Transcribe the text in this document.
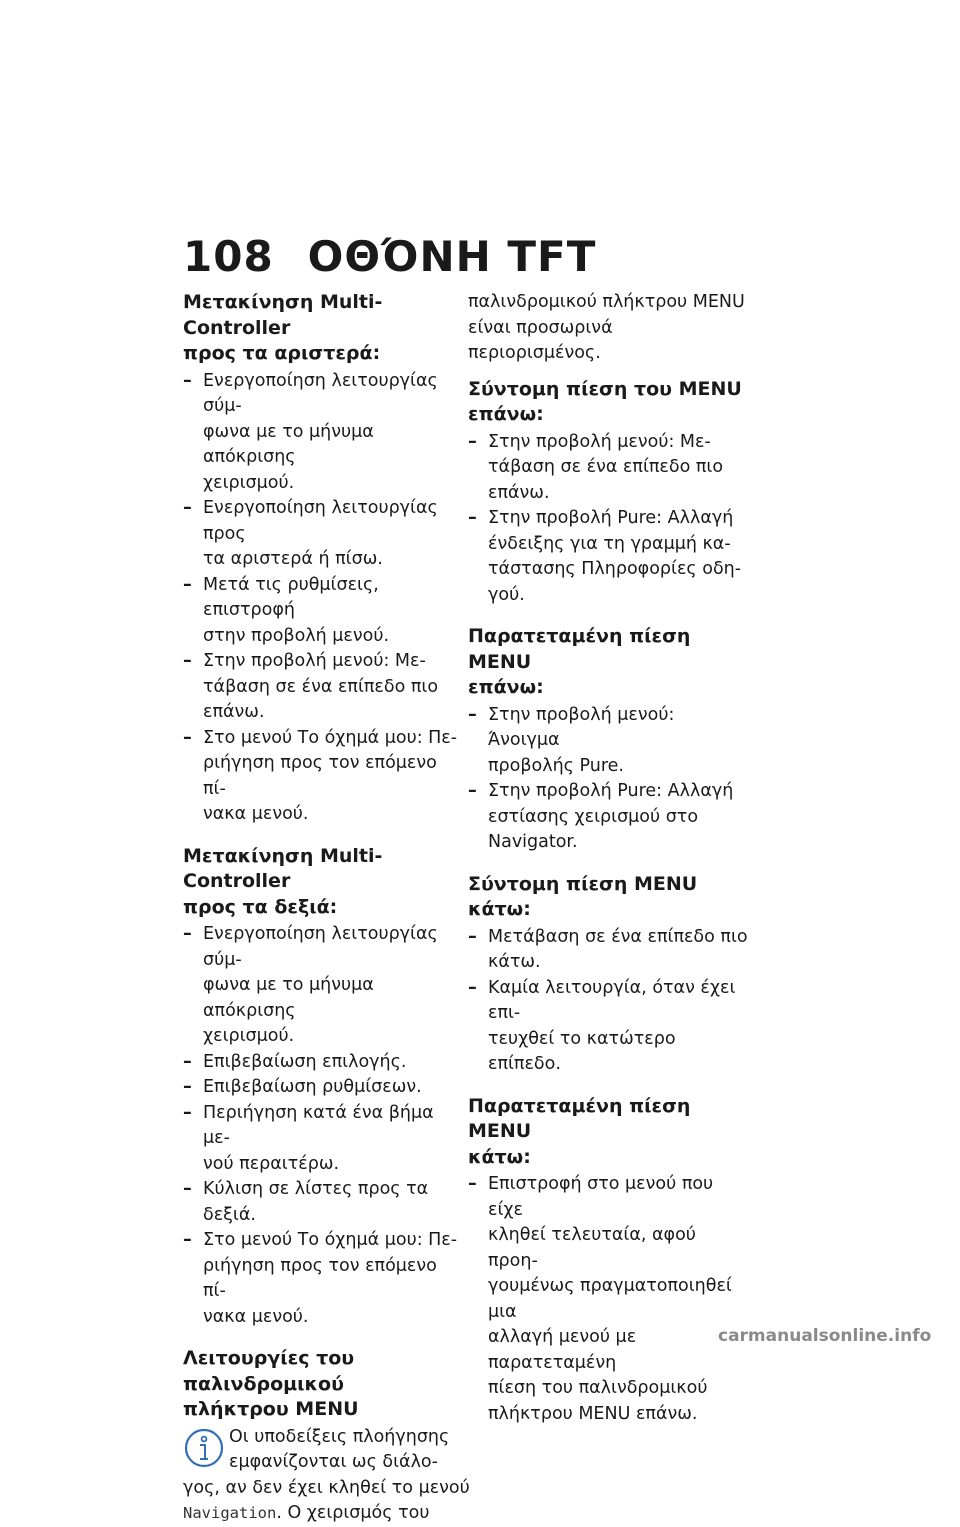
108 ΟΘΌΝΗ TFT
Μετακίνηση Multi-Controller
προς τα αριστερά:
– Ενεργοποίηση λειτουργίας σύμ-
φωνα με το μήνυμα απόκρισης
χειρισμού.
– Ενεργοποίηση λειτουργίας προς
τα αριστερά ή πίσω.
– Μετά τις ρυθμίσεις, επιστροφή
στην προβολή μενού.
– Στην προβολή μενού: Με-
τάβαση σε ένα επίπεδο πιο
επάνω.
– Στο μενού Το όχημά μου: Πε-
ριήγηση προς τον επόμενο πί-
νακα μενού.
Μετακίνηση Multi-Controller
προς τα δεξιά:
– Ενεργοποίηση λειτουργίας σύμ-
φωνα με το μήνυμα απόκρισης
χειρισμού.
– Επιβεβαίωση επιλογής.
– Επιβεβαίωση ρυθμίσεων.
– Περιήγηση κατά ένα βήμα με-
νού περαιτέρω.
– Κύλιση σε λίστες προς τα δεξιά.
– Στο μενού Το όχημά μου: Πε-
ριήγηση προς τον επόμενο πί-
νακα μενού.
Λειτουργίες του
παλινδρομικού
πλήκτρου MENU
Οι υποδείξεις πλοήγησης
εμφανίζονται ως διάλο-
γος, αν δεν έχει κληθεί το μενού
Navigation. Ο χειρισμός του
παλινδρομικού πλήκτρου MENU
είναι προσωρινά περιορισμένος.
Σύντομη πίεση του MENU
επάνω:
– Στην προβολή μενού: Με-
τάβαση σε ένα επίπεδο πιο
επάνω.
– Στην προβολή Pure: Αλλαγή
ένδειξης για τη γραμμή κα-
τάστασης Πληροφορίες οδη-
γού.
Παρατεταμένη πίεση MENU
επάνω:
– Στην προβολή μενού: Άνοιγμα
προβολής Pure.
– Στην προβολή Pure: Αλλαγή
εστίασης χειρισμού στο
Navigator.
Σύντομη πίεση MENU κάτω:
– Μετάβαση σε ένα επίπεδο πιο
κάτω.
– Καμία λειτουργία, όταν έχει επι-
τευχθεί το κατώτερο επίπεδο.
Παρατεταμένη πίεση MENU
κάτω:
– Επιστροφή στο μενού που είχε
κληθεί τελευταία, αφού προη-
γουμένως πραγματοποιηθεί μια
αλλαγή μενού με παρατεταμένη
πίεση του παλινδρομικού
πλήκτρου MENU επάνω.

carmanualsonline.info
